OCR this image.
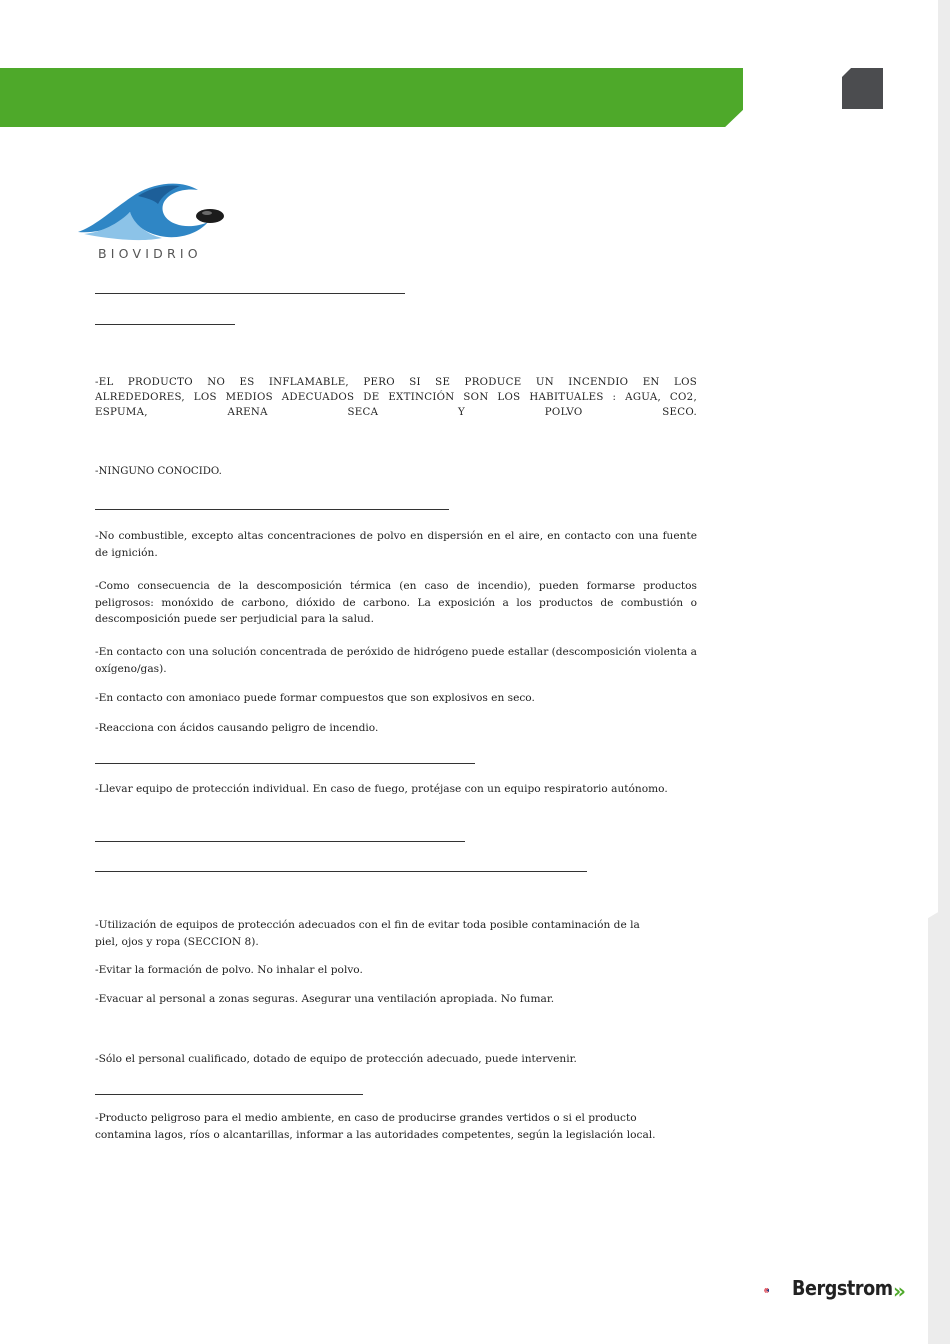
BIOVIDRIO

-EL PRODUCTO NO ES INFLAMABLE, PERO SI SE PRODUCE UN INCENDIO EN LOS ALREDEDORES, LOS MEDIOS ADECUADOS DE EXTINCIÓN SON LOS HABITUALES : AGUA, CO2, ESPUMA, ARENA SECA Y POLVO SECO.

-NINGUNO CONOCIDO.

-No combustible, excepto altas concentraciones de polvo en dispersión en el aire, en contacto con una fuente de ignición.

-Como consecuencia de la descomposición térmica (en caso de incendio), pueden formarse productos peligrosos: monóxido de carbono, dióxido de carbono. La exposición a los productos de combustión o descomposición puede ser perjudicial para la salud.

-En contacto con una solución concentrada de peróxido de hidrógeno puede estallar (descomposición violenta a oxígeno/gas).

-En contacto con amoniaco puede formar compuestos que son explosivos en seco.

-Reacciona con ácidos causando peligro de incendio.

-Llevar equipo de protección individual. En caso de fuego, protéjase con un equipo respiratorio autónomo.

-Utilización de equipos de protección adecuados con el fin de evitar toda posible contaminación de la piel, ojos y ropa (SECCION 8).

-Evitar la formación de polvo. No inhalar el polvo.

-Evacuar al personal a zonas seguras. Asegurar una ventilación apropiada. No fumar.

-Sólo el personal cualificado, dotado de equipo de protección adecuado, puede intervenir.

-Producto peligroso para el medio ambiente, en caso de producirse grandes vertidos o si el producto contamina lagos, ríos o alcantarillas, informar a las autoridades competentes, según la legislación local.

Bergstrom »
